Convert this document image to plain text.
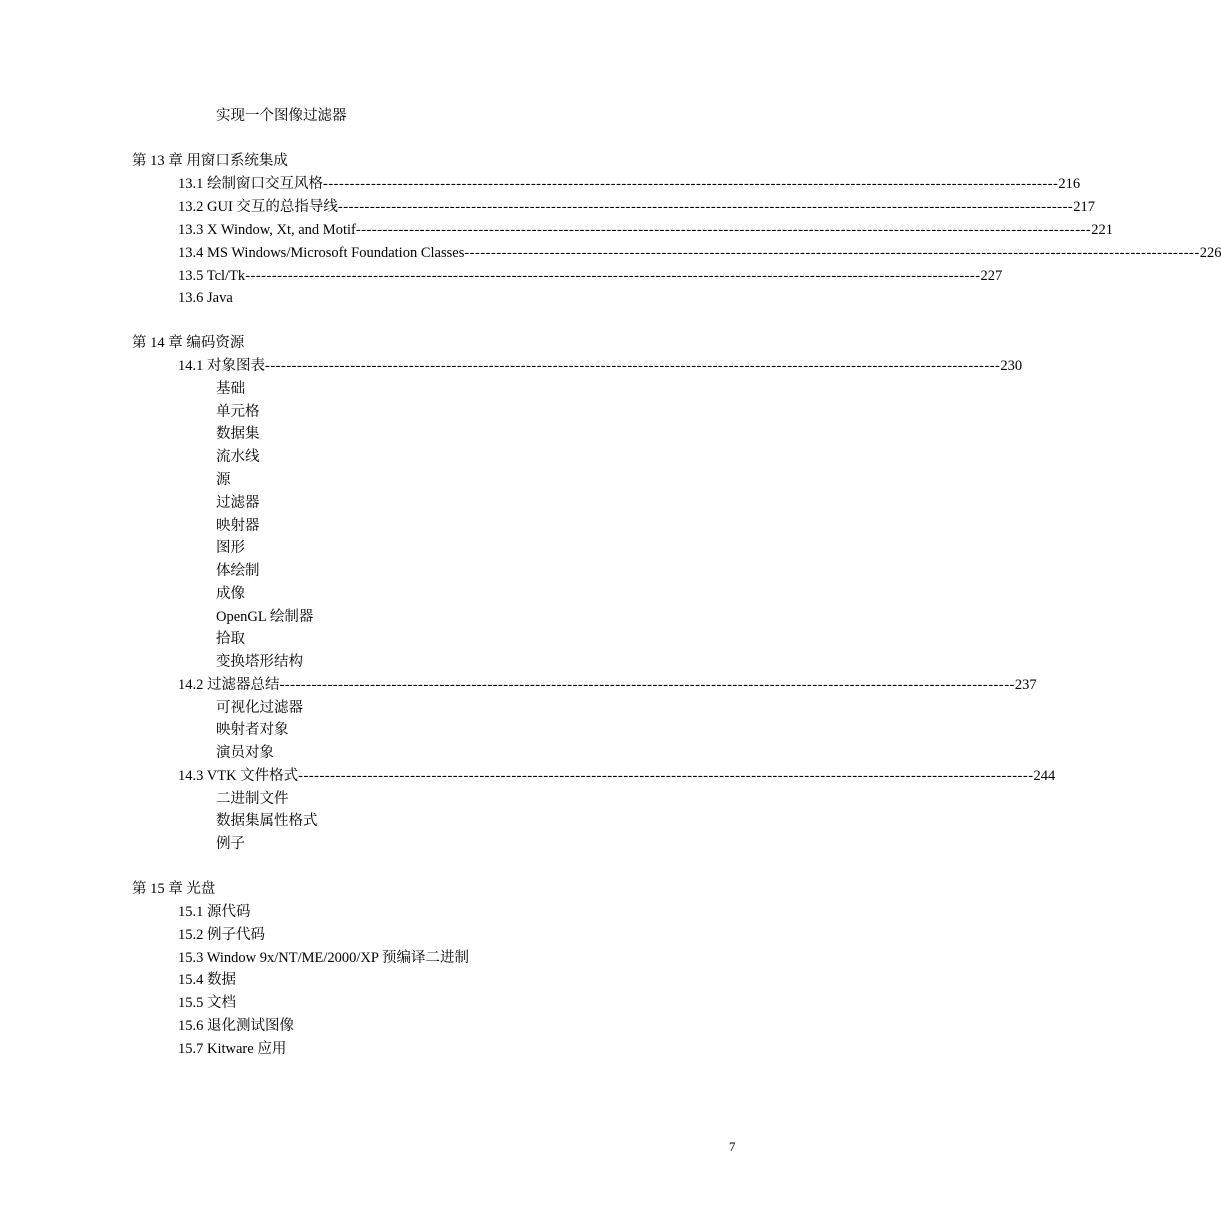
实现一个图像过滤器
第 13 章 用窗口系统集成
13.1 绘制窗口交互风格 ------------------------------------------------------------------------------------------------------------------------------------------ 216
13.2 GUI 交互的总指导线 ------------------------------------------------------------------------------------------------------------------------------------------ 217
13.3 X Window, Xt, and Motif ------------------------------------------------------------------------------------------------------------------------------------------ 221
13.4 MS Windows/Microsoft Foundation Classes ------------------------------------------------------------------------------------------------------------------------------------------ 226
13.5 Tcl/Tk ------------------------------------------------------------------------------------------------------------------------------------------ 227
13.6 Java
第 14 章 编码资源
14.1 对象图表 ------------------------------------------------------------------------------------------------------------------------------------------ 230
基础
单元格
数据集
流水线
源
过滤器
映射器
图形
体绘制
成像
OpenGL 绘制器
拾取
变换塔形结构
14.2 过滤器总结 ------------------------------------------------------------------------------------------------------------------------------------------ 237
可视化过滤器
映射者对象
演员对象
14.3 VTK 文件格式 ------------------------------------------------------------------------------------------------------------------------------------------ 244
二进制文件
数据集属性格式
例子
第 15 章 光盘
15.1 源代码
15.2 例子代码
15.3 Window 9x/NT/ME/2000/XP 预编译二进制
15.4 数据
15.5 文档
15.6 退化测试图像
15.7 Kitware 应用
7
